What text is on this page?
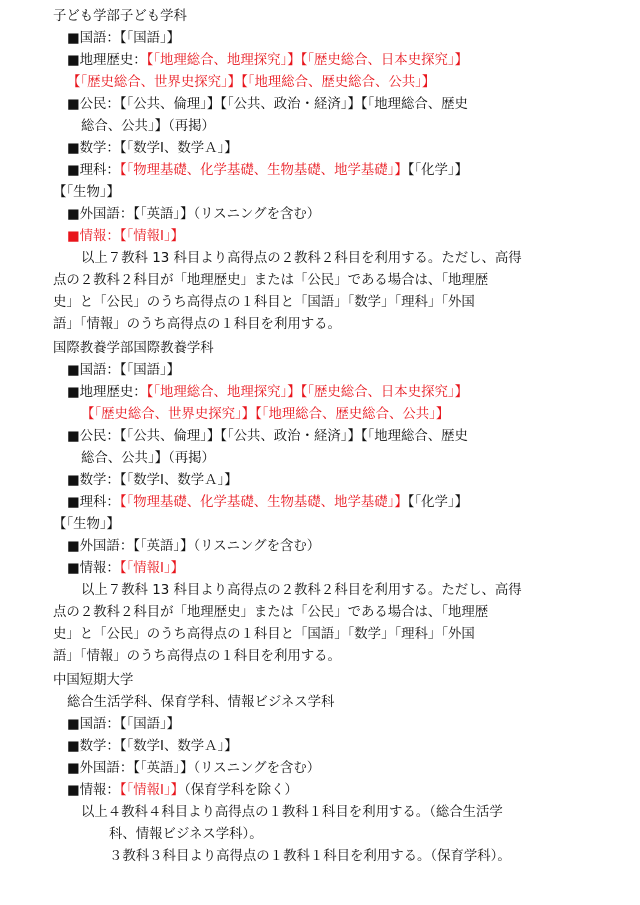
子ども学部子ども学科

■国語：【「国語」】

■地理歴史：【「地理総合、地理探究」】【「歴史総合、日本史探究」】

【「歴史総合、世界史探究」】【「地理総合、歴史総合、公共」】

■公民：【「公共、倫理」】【「公共、政治・経済」】【「地理総合、歴史

総合、公共」】（再掲）

■数学：【「数学Ⅰ、数学Ａ」】

■理科：【「物理基礎、化学基礎、生物基礎、地学基礎」】【「化学」】

【「生物」】

■外国語：【「英語」】（リスニングを含む）

■情報：【「情報Ⅰ」】

以上７教科 13 科目より高得点の２教科２科目を利用する。ただし、高得

点の２教科２科目が「地理歴史」または「公民」である場合は、「地理歴

史」と「公民」のうち高得点の１科目と「国語」「数学」「理科」「外国

語」「情報」のうち高得点の１科目を利用する。

国際教養学部国際教養学科

■国語：【「国語」】

■地理歴史：【「地理総合、地理探究」】【「歴史総合、日本史探究」】

【「歴史総合、世界史探究」】【「地理総合、歴史総合、公共」】

■公民：【「公共、倫理」】【「公共、政治・経済」】【「地理総合、歴史

総合、公共」】（再掲）

■数学：【「数学Ⅰ、数学Ａ」】

■理科：【「物理基礎、化学基礎、生物基礎、地学基礎」】【「化学」】

【「生物」】

■外国語：【「英語」】（リスニングを含む）

■情報：【「情報Ⅰ」】

以上７教科 13 科目より高得点の２教科２科目を利用する。ただし、高得

点の２教科２科目が「地理歴史」または「公民」である場合は、「地理歴

史」と「公民」のうち高得点の１科目と「国語」「数学」「理科」「外国

語」「情報」のうち高得点の１科目を利用する。

中国短期大学

総合生活学科、保育学科、情報ビジネス学科

■国語：【「国語」】

■数学：【「数学Ⅰ、数学Ａ」】

■外国語：【「英語」】（リスニングを含む）

■情報：【「情報Ⅰ」】（保育学科を除く）

以上４教科４科目より高得点の１教科１科目を利用する。（総合生活学

科、情報ビジネス学科）。

３教科３科目より高得点の１教科１科目を利用する。（保育学科）。
